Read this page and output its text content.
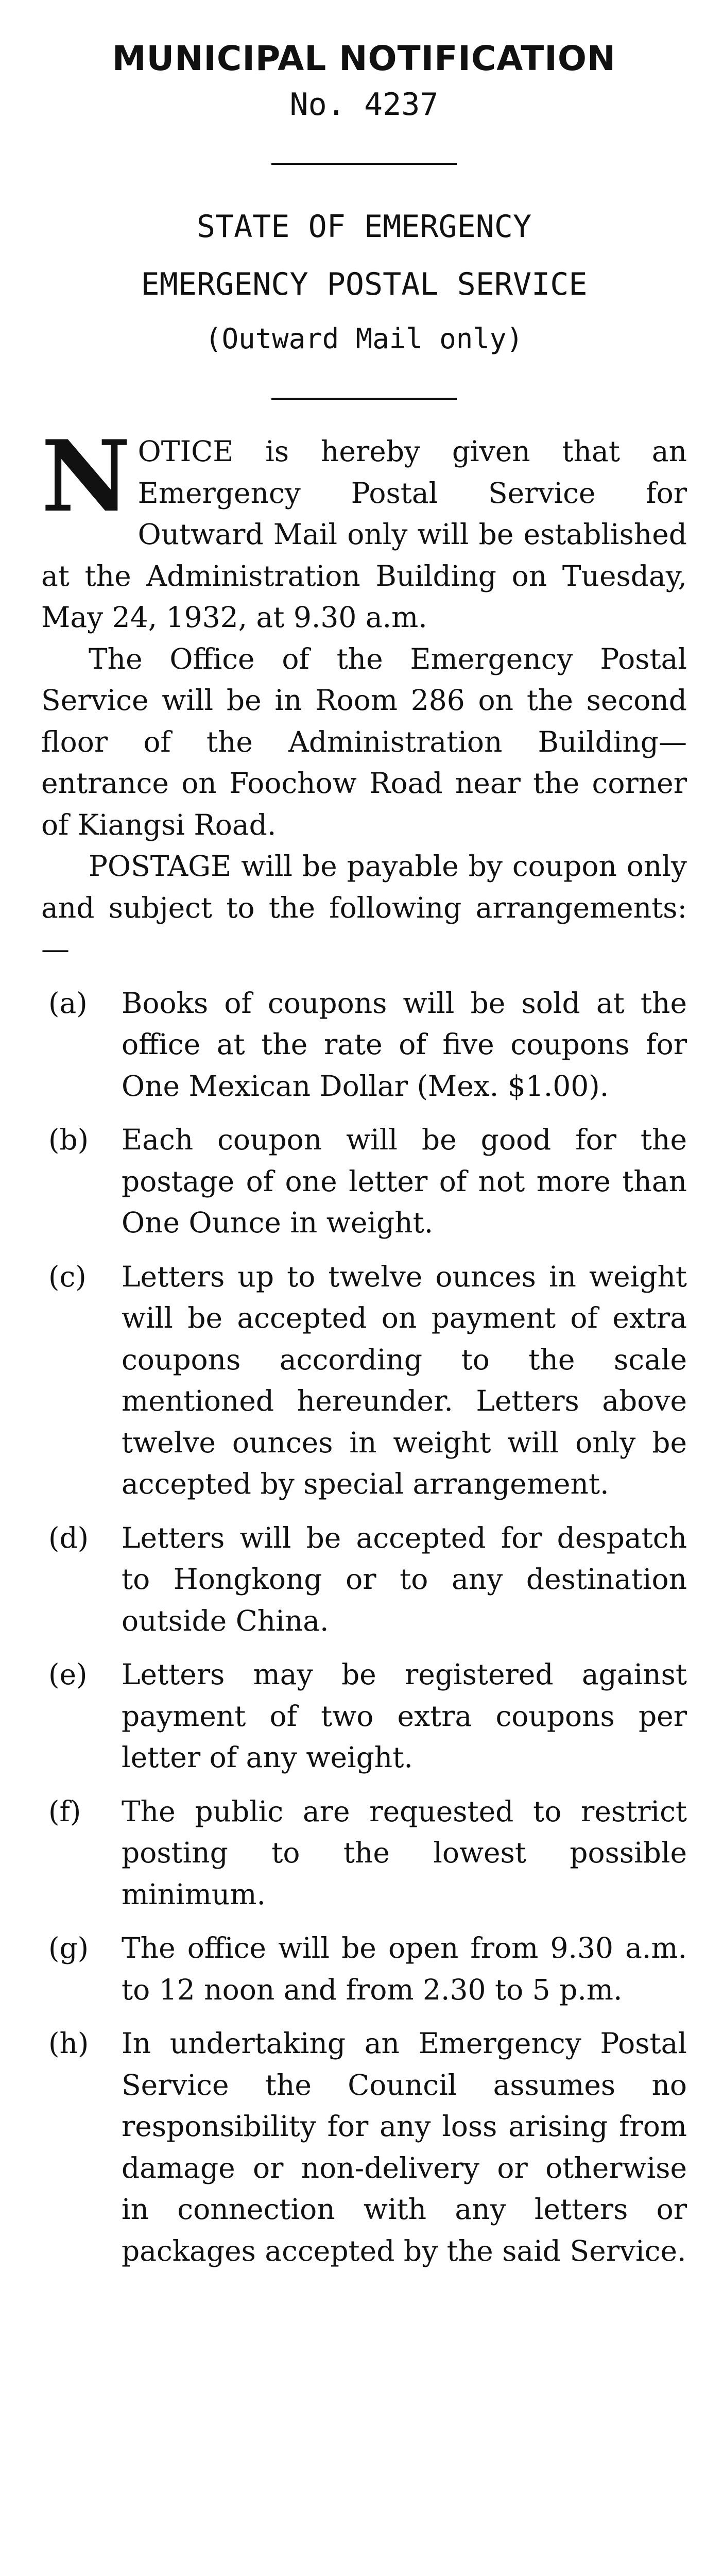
MUNICIPAL NOTIFICATION

No. 4237

STATE OF EMERGENCY

EMERGENCY POSTAL SERVICE

(Outward Mail only)

N OTICE is hereby given that an Emergency Postal Service for Outward Mail only will be established at the Administration Building on Tuesday, May 24, 1932, at 9.30 a.m.

The Office of the Emergency Postal Service will be in Room 286 on the second floor of the Administration Building—entrance on Foochow Road near the corner of Kiangsi Road.

POSTAGE will be payable by coupon only and subject to the following arrangements:—

(a)	Books of coupons will be sold at the office at the rate of five coupons for One Mexican Dollar (Mex. $1.00).
(b)	Each coupon will be good for the postage of one letter of not more than One Ounce in weight.
(c)	Letters up to twelve ounces in weight will be accepted on payment of extra coupons according to the scale mentioned hereunder. Letters above twelve ounces in weight will only be accepted by special arrangement.
(d)	Letters will be accepted for despatch to Hongkong or to any destination outside China.
(e)	Letters may be registered against payment of two extra coupons per letter of any weight.
(f)	The public are requested to restrict posting to the lowest possible minimum.
(g)	The office will be open from 9.30 a.m. to 12 noon and from 2.30 to 5 p.m.
(h)	In undertaking an Emergency Postal Service the Council assumes no responsibility for any loss arising from damage or non-delivery or otherwise in connection with any letters or packages accepted by the said Service.
